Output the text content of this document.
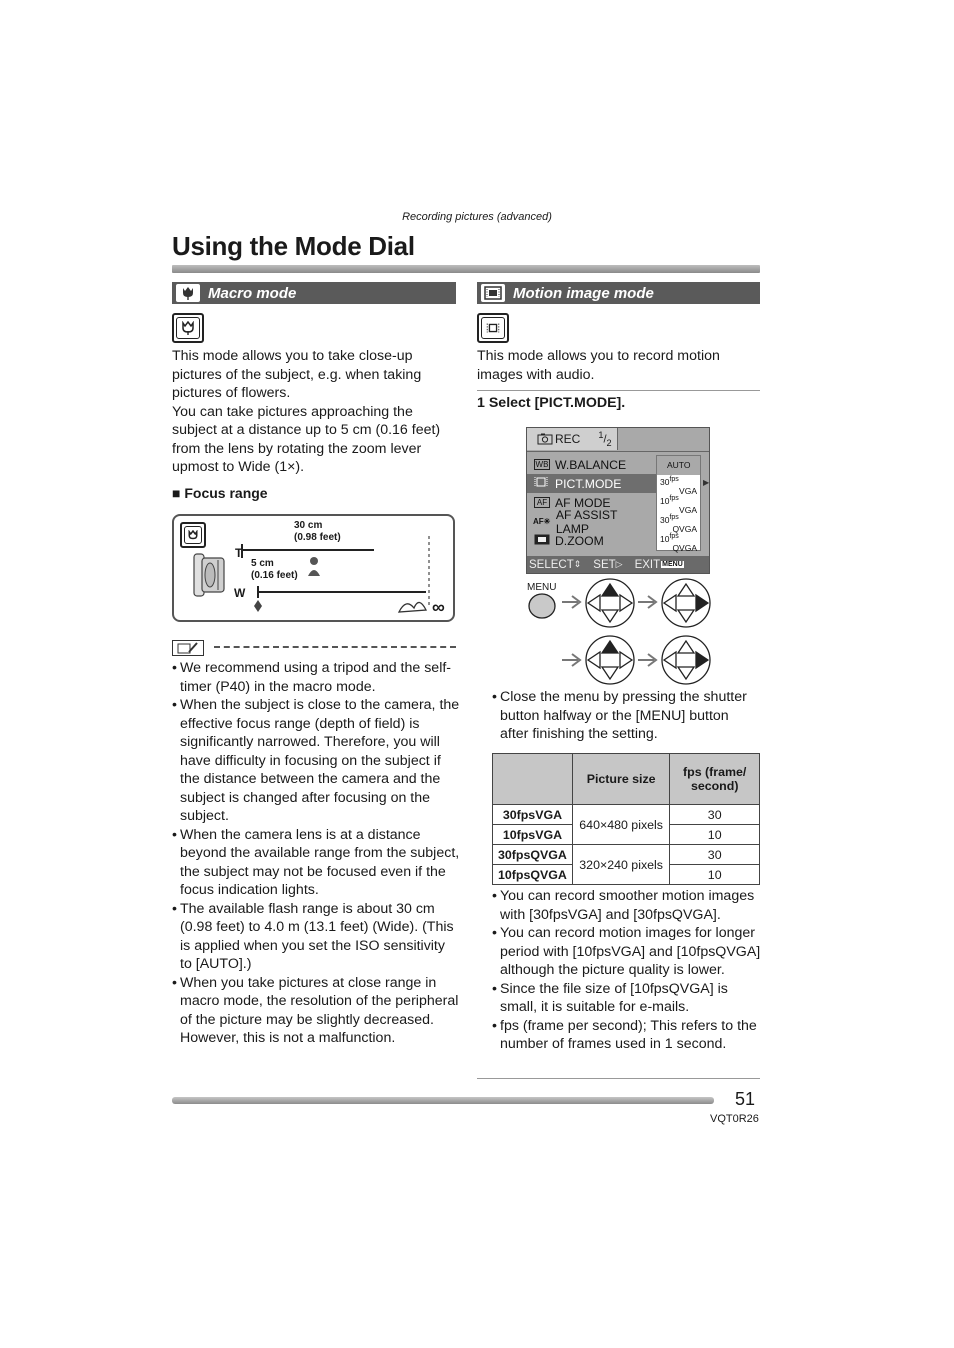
Recording pictures (advanced)
Using the Mode Dial
Macro mode
This mode allows you to take close-up pictures of the subject, e.g. when taking pictures of flowers.
You can take pictures approaching the subject at a distance up to 5 cm (0.16 feet) from the lens by rotating the zoom lever upmost to Wide (1×).
■ Focus range
T
W
30 cm
(0.98 feet)
5 cm
(0.16 feet)
∞
• We recommend using a tripod and the self-timer (P40) in the macro mode.
• When the subject is close to the camera, the effective focus range (depth of field) is significantly narrowed. Therefore, you will have difficulty in focusing on the subject if the distance between the camera and the subject is changed after focusing on the subject.
• When the camera lens is at a distance beyond the available range from the subject, the subject may not be focused even if the focus indication lights.
• The available flash range is about 30 cm (0.98 feet) to 4.0 m (13.1 feet) (Wide). (This is applied when you set the ISO sensitivity to [AUTO].)
• When you take pictures at close range in macro mode, the resolution of the peripheral of the picture may be slightly decreased. However, this is not a malfunction.
Motion image mode
This mode allows you to record motion images with audio.
1 Select [PICT.MODE].
REC $^1/_2$
WB W.BALANCE
PICT.MODE
AF AF MODE
AF✳ AF ASSIST LAMP
D.ZOOM
AUTO
$30^{fps}$
VGA
$10^{fps}$
VGA
$30^{fps}$
QVGA
$10^{fps}$
QVGA
▶
SELECT ⇕ SET ▷ EXIT MENU
MENU
• Close the menu by pressing the shutter button halfway or the [MENU] button after finishing the setting.
	Picture size	fps (frame/ second)
30fpsVGA	640×480 pixels	30
10fpsVGA		10
30fpsQVGA	320×240 pixels	30
10fpsQVGA		10
• You can record smoother motion images with [30fpsVGA] and [30fpsQVGA].
• You can record motion images for longer period with [10fpsVGA] and [10fpsQVGA] although the picture quality is lower.
• Since the file size of [10fpsQVGA] is small, it is suitable for e-mails.
• fps (frame per second); This refers to the number of frames used in 1 second.
51
VQT0R26
